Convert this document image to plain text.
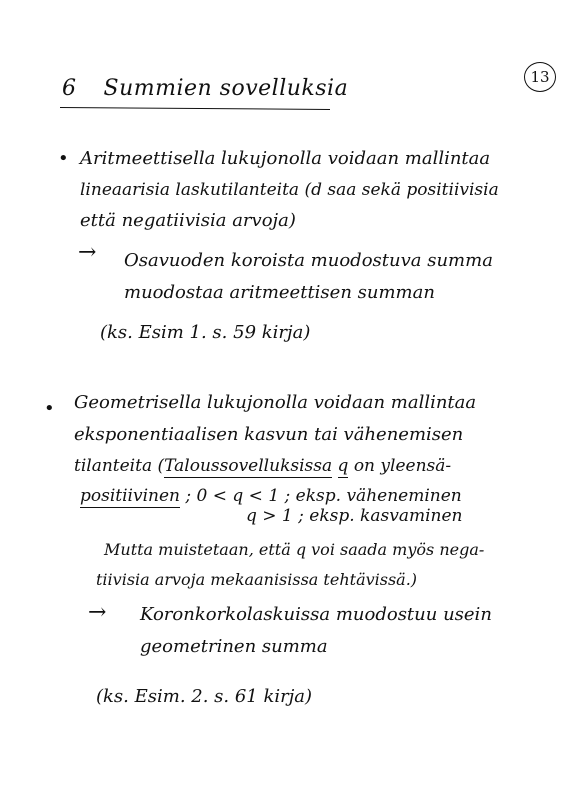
6 Summien sovelluksia	13
• Aritmeettisella lukujonolla voidaan mallintaa
lineaarisia laskutilanteita (d saa sekä positiivisia
että negatiivisia arvoja)
→ Osavuoden koroista muodostuva summa
muodostaa aritmeettisen summan
(ks. Esim 1. s. 59 kirja)
• Geometrisella lukujonolla voidaan mallintaa
eksponentiaalisen kasvun tai vähenemisen
tilanteita (Taloussovelluksissa q on yleensä-
positiivinen ; 0 < q < 1 ; eksp. väheneminen
q > 1 ; eksp. kasvaminen
Mutta muistetaan, että q voi saada myös nega-
tiivisia arvoja mekaanisissa tehtävissä.)
→ Koronkorkolaskuissa muodostuu usein
geometrinen summa
(ks. Esim. 2. s. 61 kirja)
